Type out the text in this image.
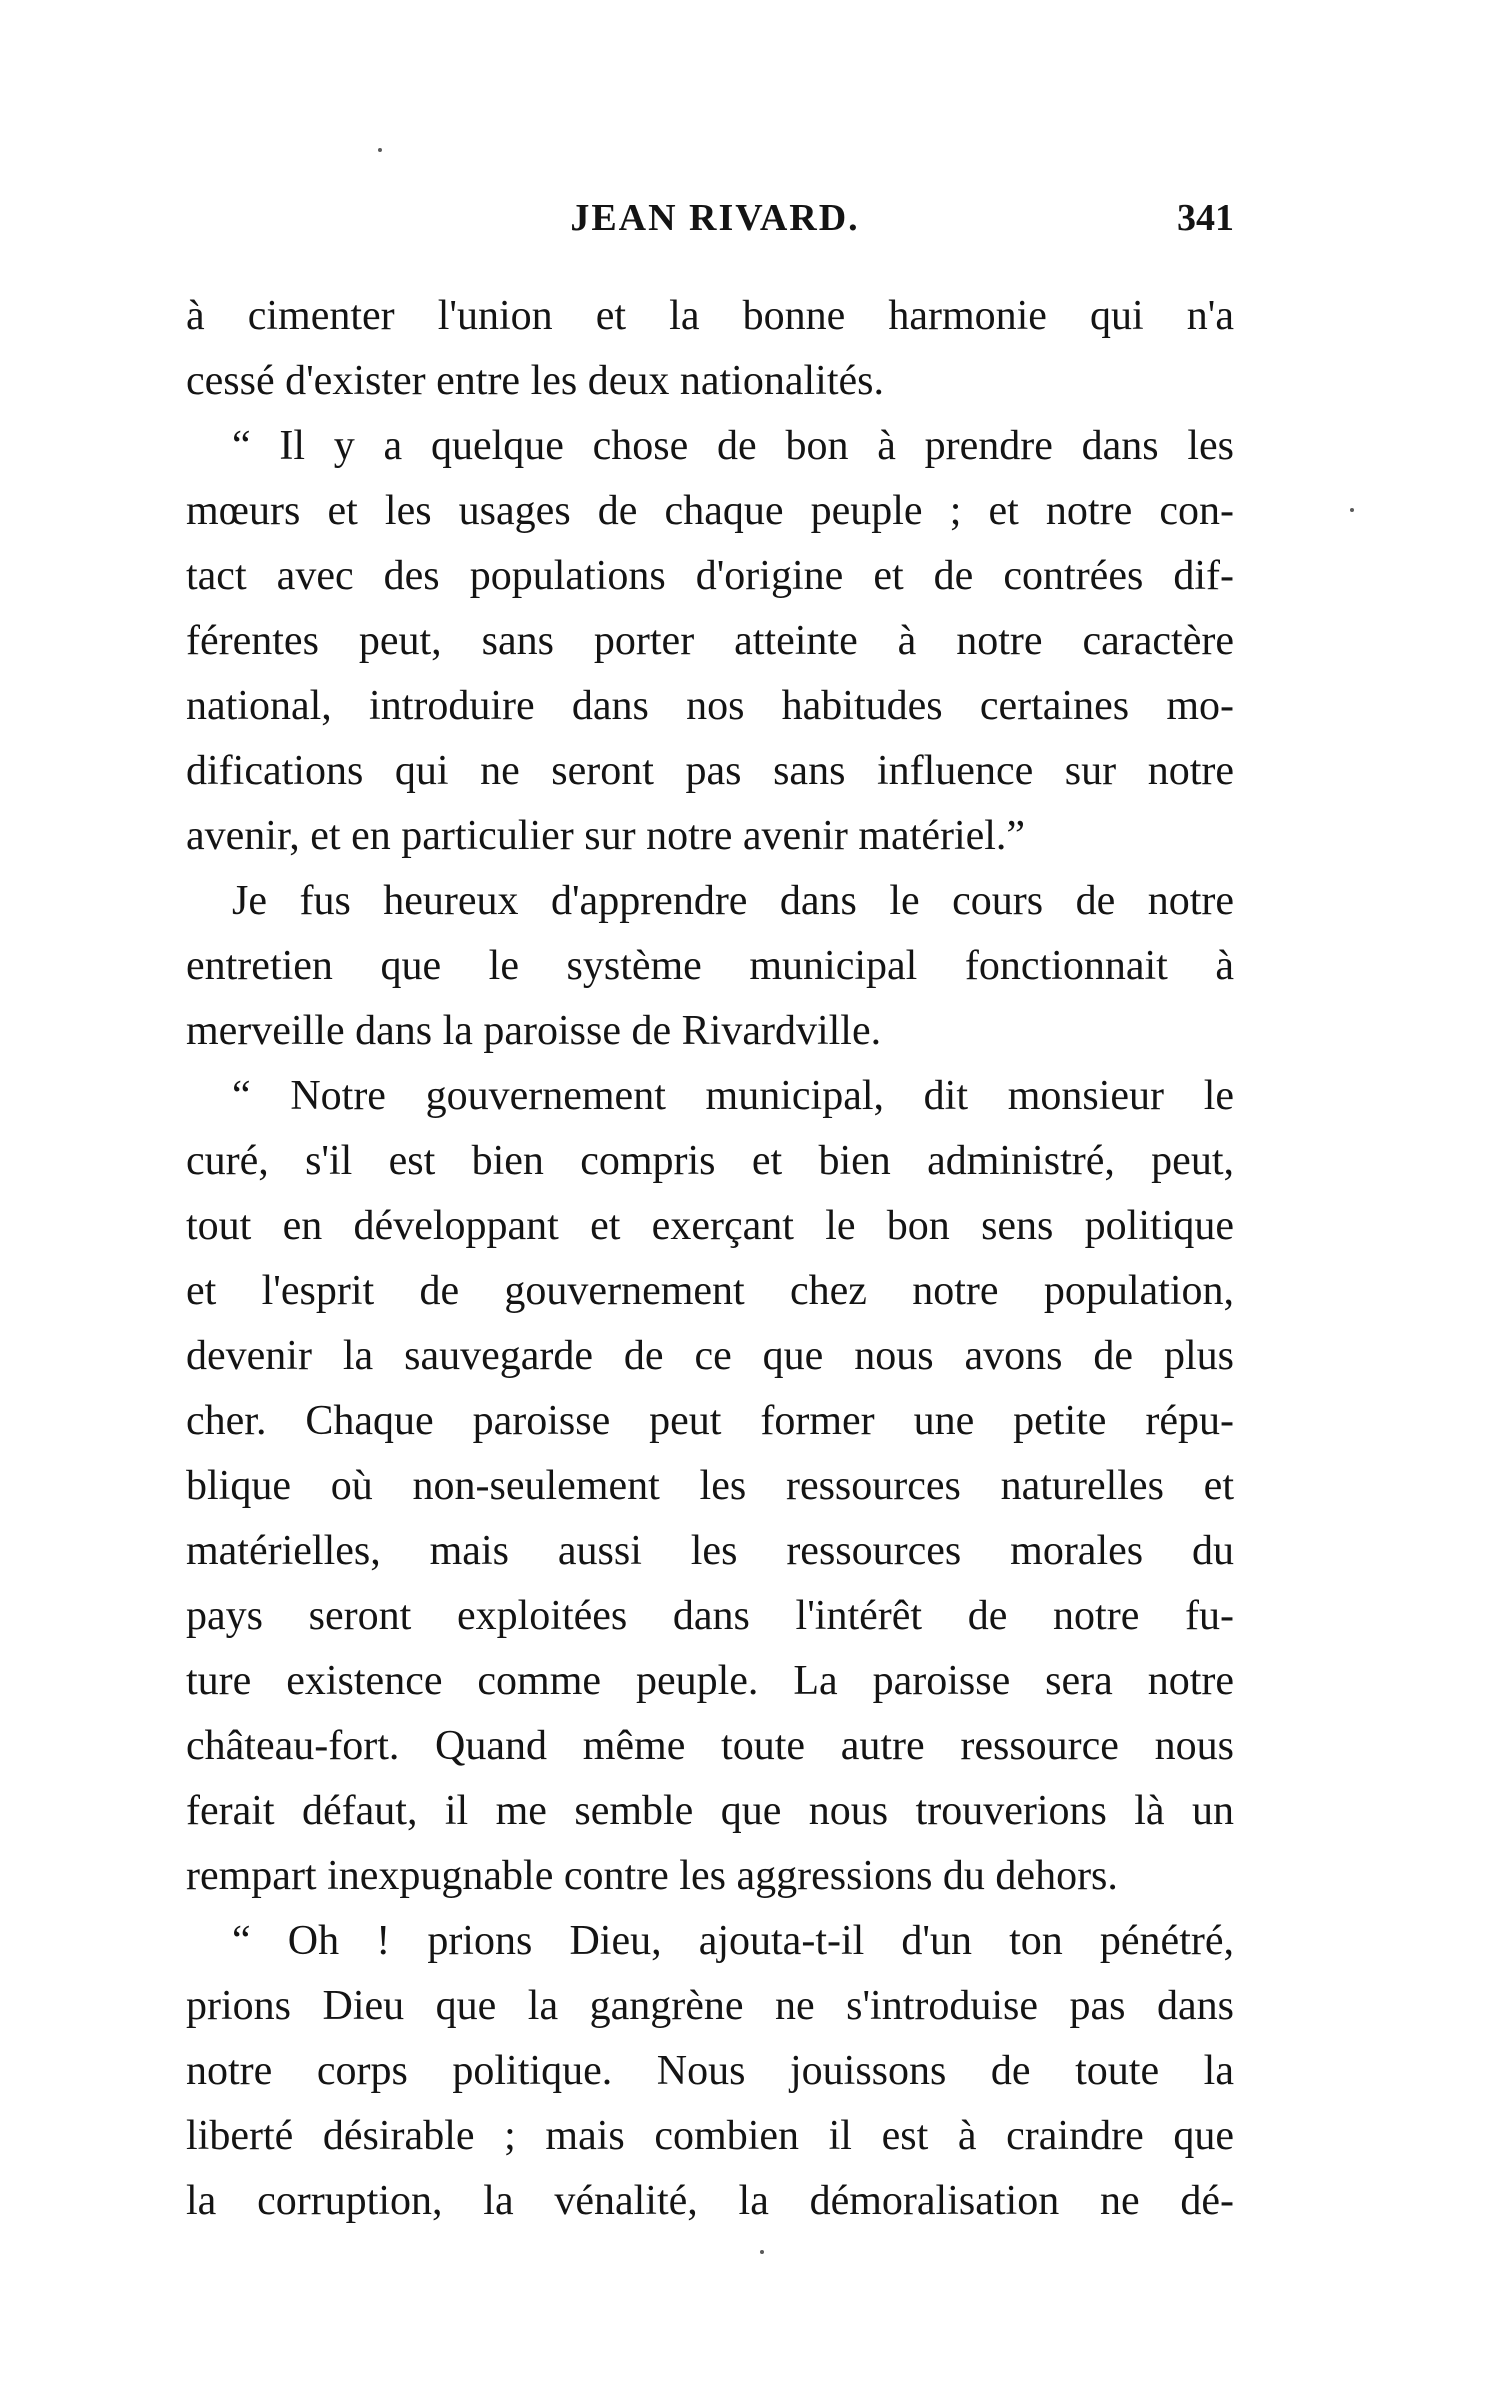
JEAN RIVARD.	341
à cimenter l'union et la bonne harmonie qui n'a
cessé d'exister entre les deux nationalités.
“ Il y a quelque chose de bon à prendre dans les
mœurs et les usages de chaque peuple ; et notre con-
tact avec des populations d'origine et de contrées dif-
férentes peut, sans porter atteinte à notre caractère
national, introduire dans nos habitudes certaines mo-
difications qui ne seront pas sans influence sur notre
avenir, et en particulier sur notre avenir matériel.”
Je fus heureux d'apprendre dans le cours de notre
entretien que le système municipal fonctionnait à
merveille dans la paroisse de Rivardville.
“ Notre gouvernement municipal, dit monsieur le
curé, s'il est bien compris et bien administré, peut,
tout en développant et exerçant le bon sens politique
et l'esprit de gouvernement chez notre population,
devenir la sauvegarde de ce que nous avons de plus
cher. Chaque paroisse peut former une petite répu-
blique où non-seulement les ressources naturelles et
matérielles, mais aussi les ressources morales du
pays seront exploitées dans l'intérêt de notre fu-
ture existence comme peuple. La paroisse sera notre
château-fort. Quand même toute autre ressource nous
ferait défaut, il me semble que nous trouverions là un
rempart inexpugnable contre les aggressions du dehors.
“ Oh ! prions Dieu, ajouta-t-il d'un ton pénétré,
prions Dieu que la gangrène ne s'introduise pas dans
notre corps politique. Nous jouissons de toute la
liberté désirable ; mais combien il est à craindre que
la corruption, la vénalité, la démoralisation ne dé-
